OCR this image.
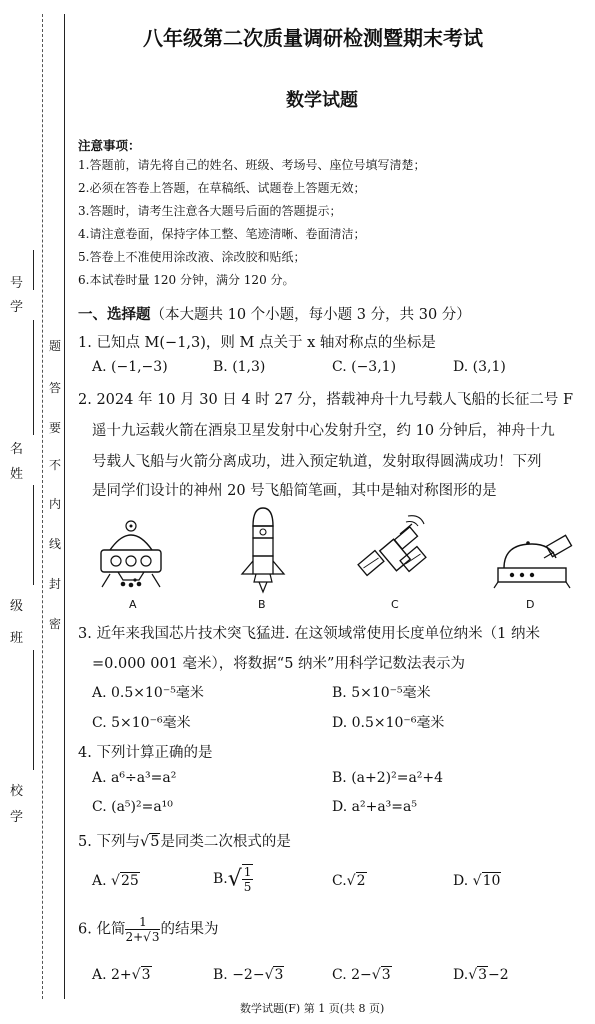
号
学
名
姓
级
班
校
学
题
答
要
不
内
线
封
密
八年级第二次质量调研检测暨期末考试
数学试题
注意事项：
1.答题前，请先将自己的姓名、班级、考场号、座位号填写清楚；
2.必须在答卷上答题，在草稿纸、试题卷上答题无效；
3.答题时，请考生注意各大题号后面的答题提示；
4.请注意卷面，保持字体工整、笔迹清晰、卷面清洁；
5.答卷上不准使用涂改液、涂改胶和贴纸；
6.本试卷时量 120 分钟，满分 120 分。
一、选择题（本大题共 10 个小题，每小题 3 分，共 30 分）
1. 已知点 M(−1,3)，则 M 点关于 x 轴对称点的坐标是
A. (−1,−3)	B. (1,3)	C. (−3,1)	D. (3,1)
2. 2024 年 10 月 30 日 4 时 27 分，搭载神舟十九号载人飞船的长征二号 F
遥十九运载火箭在酒泉卫星发射中心发射升空，约 10 分钟后，神舟十九
号载人飞船与火箭分离成功，进入预定轨道，发射取得圆满成功！下列
是同学们设计的神州 20 号飞船简笔画，其中是轴对称图形的是
A	B	C	D
3. 近年来我国芯片技术突飞猛进. 在这领域常使用长度单位纳米（1 纳米
=0.000 001 毫米），将数据“5 纳米”用科学记数法表示为
A. 0.5×10⁻⁵毫米	B. 5×10⁻⁵毫米
C. 5×10⁻⁶毫米	D. 0.5×10⁻⁶毫米
4. 下列计算正确的是
A. a⁶÷a³=a²	B. (a+2)²=a²+4
C. (a⁵)²=a¹⁰	D. a²+a³=a⁵
5. 下列与√5是同类二次根式的是
A. √25	$B.√ \frac{1}{5}$	C.√2	D. √10
6. 化简 $\frac{1}{2+√3}$ 的结果为
A. 2+√3	B. −2−√3	C. 2−√3	D.√3−2
数学试题(F) 第 1 页(共 8 页)
